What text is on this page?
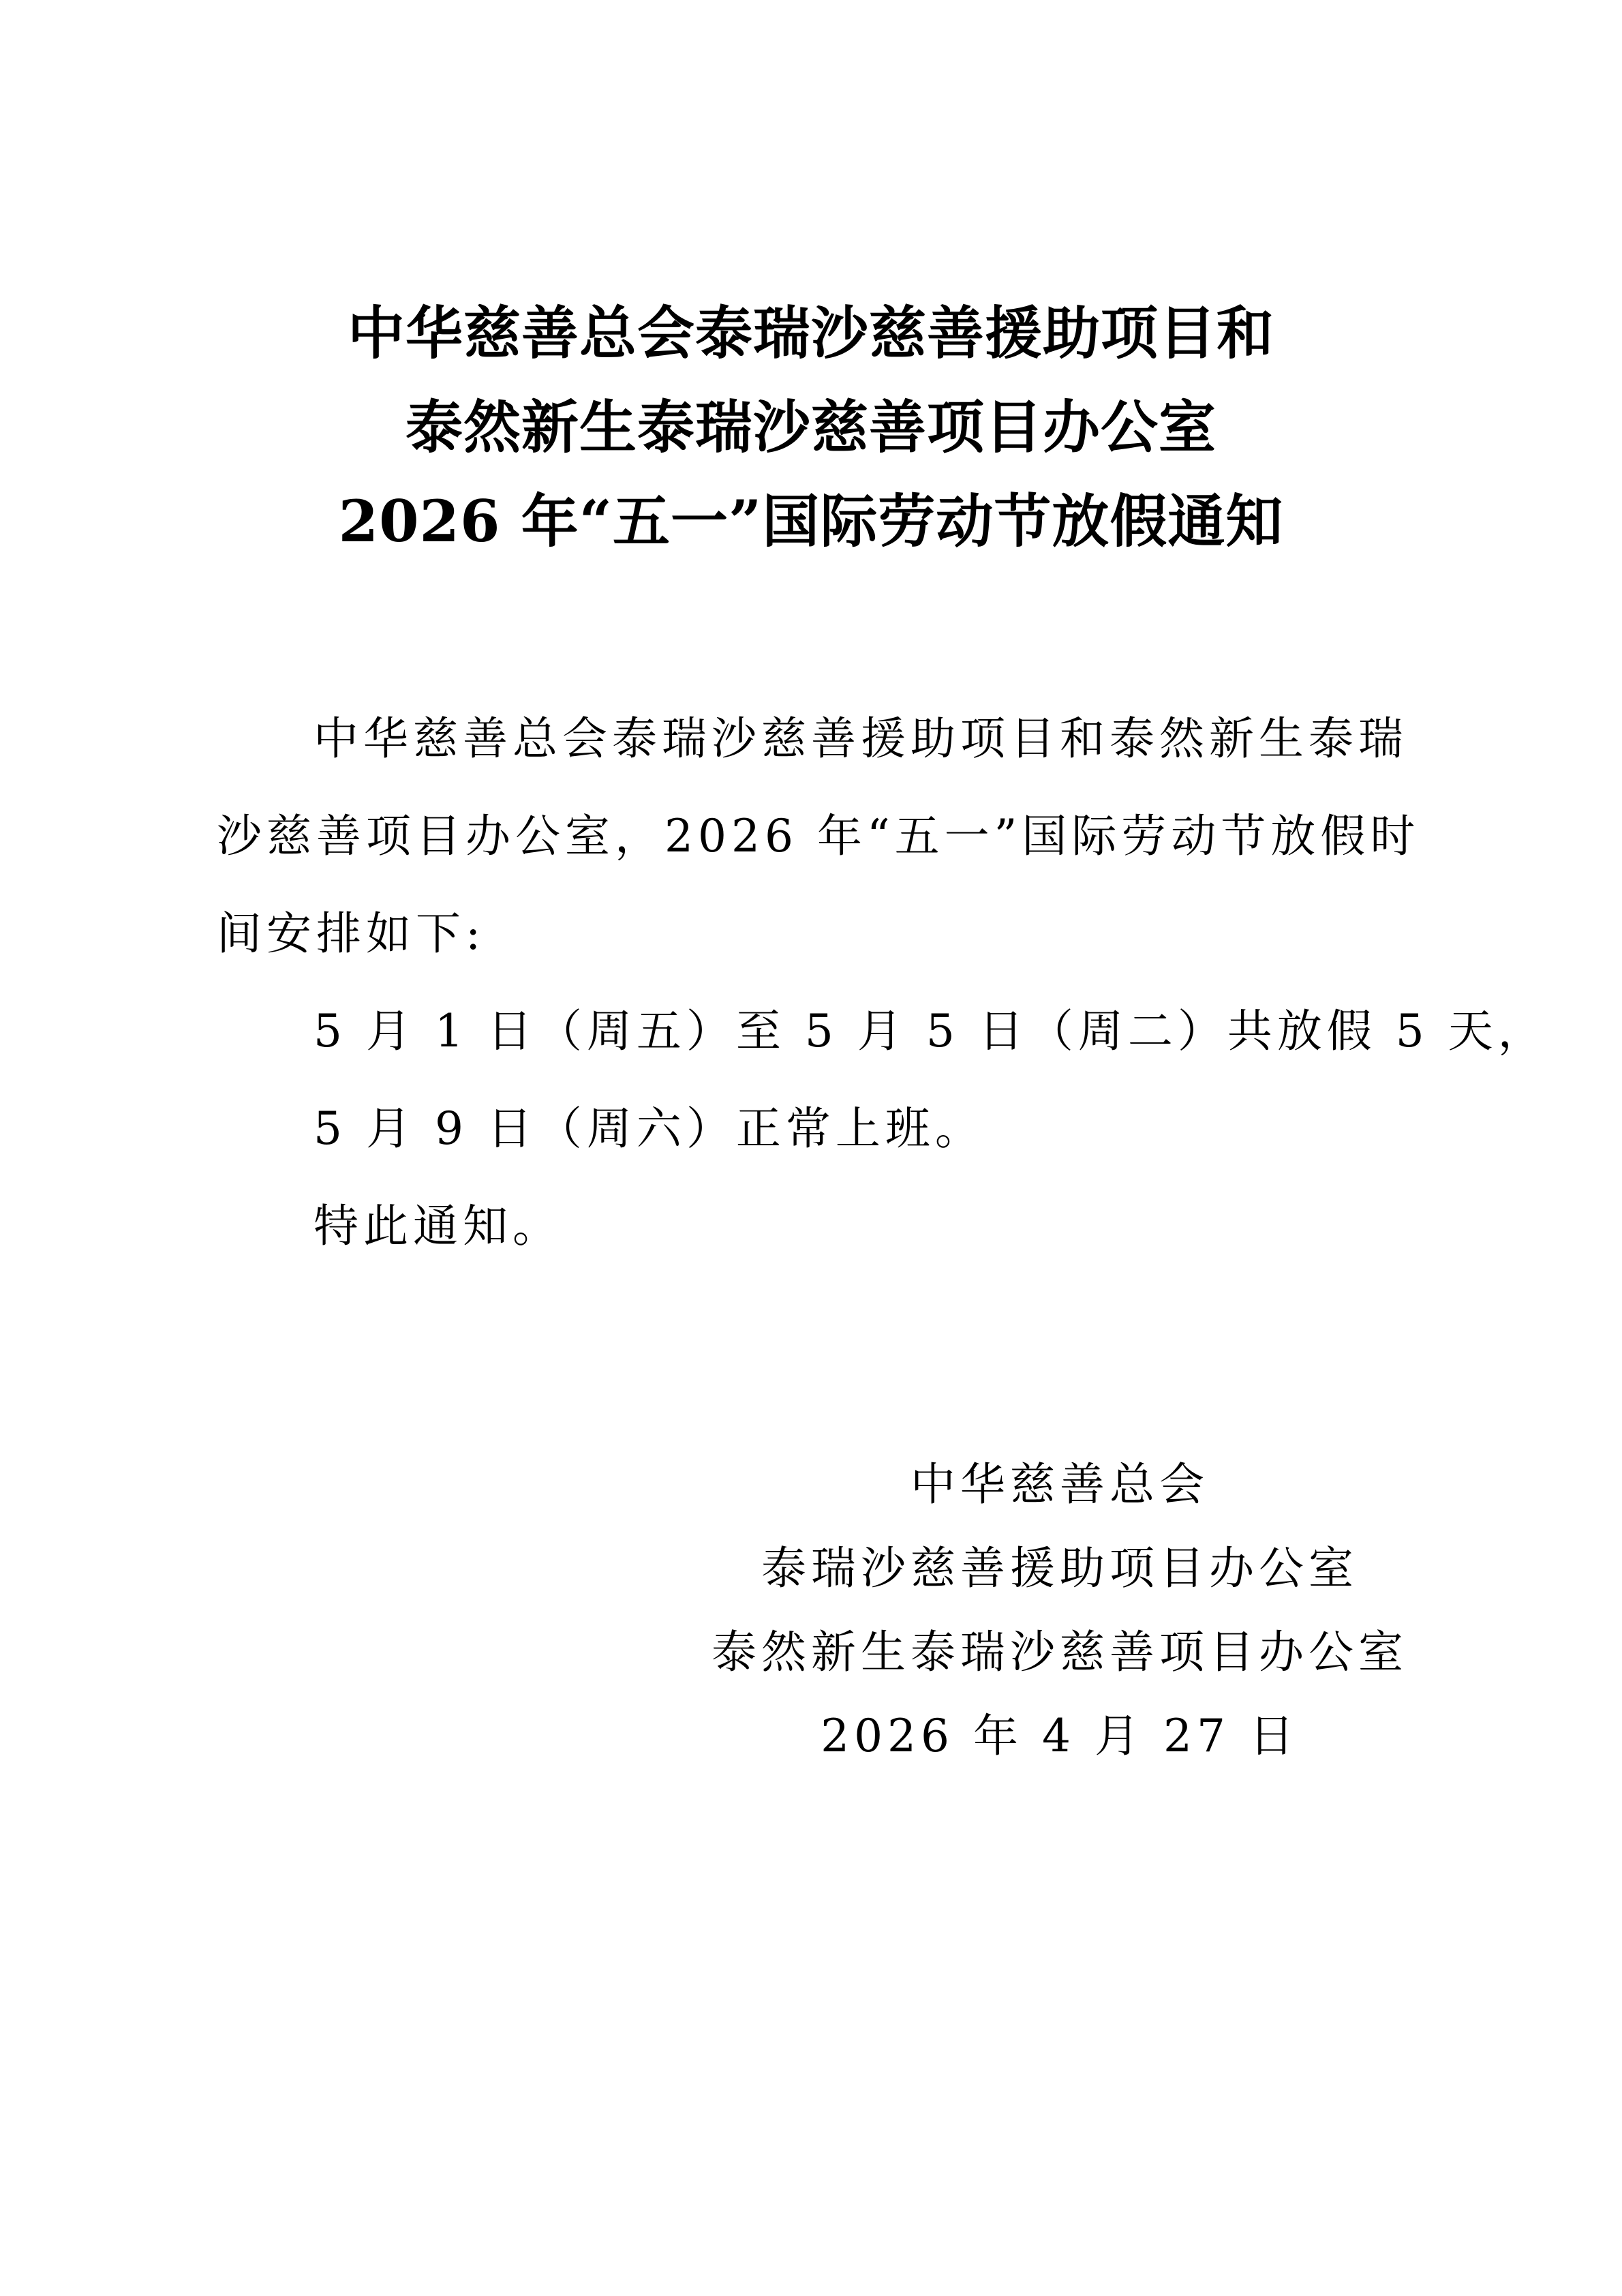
中华慈善总会泰瑞沙慈善援助项目和
泰然新生泰瑞沙慈善项目办公室
2026 年“五一”国际劳动节放假通知
中华慈善总会泰瑞沙慈善援助项目和泰然新生泰瑞
沙慈善项目办公室，2026 年“五一”国际劳动节放假时
间安排如下:
5 月 1 日（周五）至 5 月 5 日（周二）共放假 5 天，
5 月 9 日（周六）正常上班。
特此通知。
中华慈善总会
泰瑞沙慈善援助项目办公室
泰然新生泰瑞沙慈善项目办公室
2026 年 4 月 27 日
